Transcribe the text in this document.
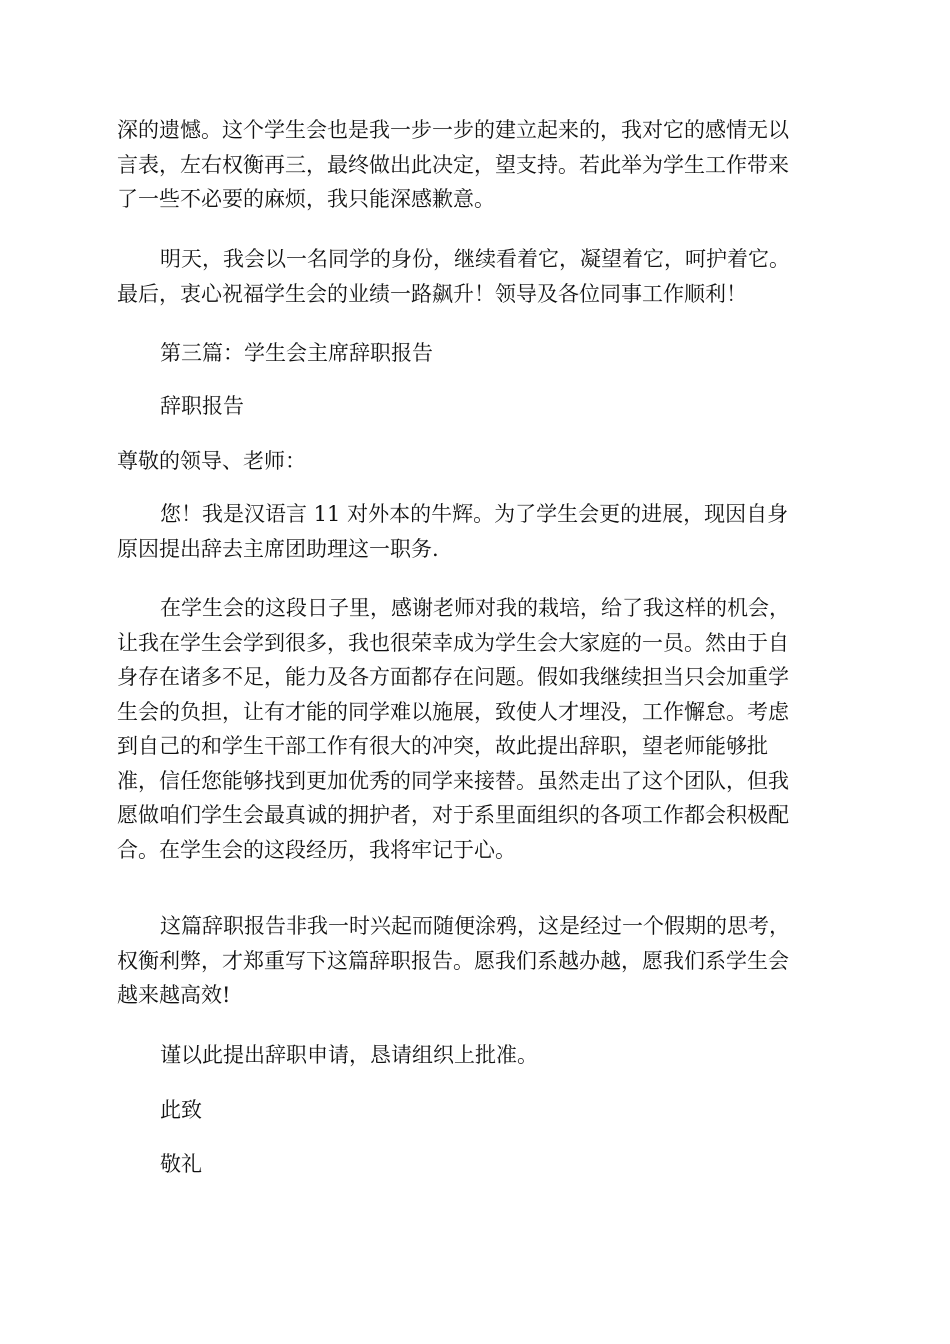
深的遗憾。这个学生会也是我一步一步的建立起来的，我对它的感情无以
言表，左右权衡再三，最终做出此决定，望支持。若此举为学生工作带来
了一些不必要的麻烦，我只能深感歉意。
明天，我会以一名同学的身份，继续看着它，凝望着它，呵护着它。
最后，衷心祝福学生会的业绩一路飙升！领导及各位同事工作顺利！
第三篇：学生会主席辞职报告
辞职报告
尊敬的领导、老师：
您！我是汉语言 11 对外本的牛辉。为了学生会更的进展，现因自身
原因提出辞去主席团助理这一职务.
在学生会的这段日子里，感谢老师对我的栽培，给了我这样的机会，
让我在学生会学到很多，我也很荣幸成为学生会大家庭的一员。然由于自
身存在诸多不足，能力及各方面都存在问题。假如我继续担当只会加重学
生会的负担，让有才能的同学难以施展，致使人才埋没，工作懈怠。考虑
到自己的和学生干部工作有很大的冲突，故此提出辞职，望老师能够批
准，信任您能够找到更加优秀的同学来接替。虽然走出了这个团队，但我
愿做咱们学生会最真诚的拥护者，对于系里面组织的各项工作都会积极配
合。在学生会的这段经历，我将牢记于心。
这篇辞职报告非我一时兴起而随便涂鸦，这是经过一个假期的思考，
权衡利弊，才郑重写下这篇辞职报告。愿我们系越办越，愿我们系学生会
越来越高效!
谨以此提出辞职申请，恳请组织上批准。
此致
敬礼
